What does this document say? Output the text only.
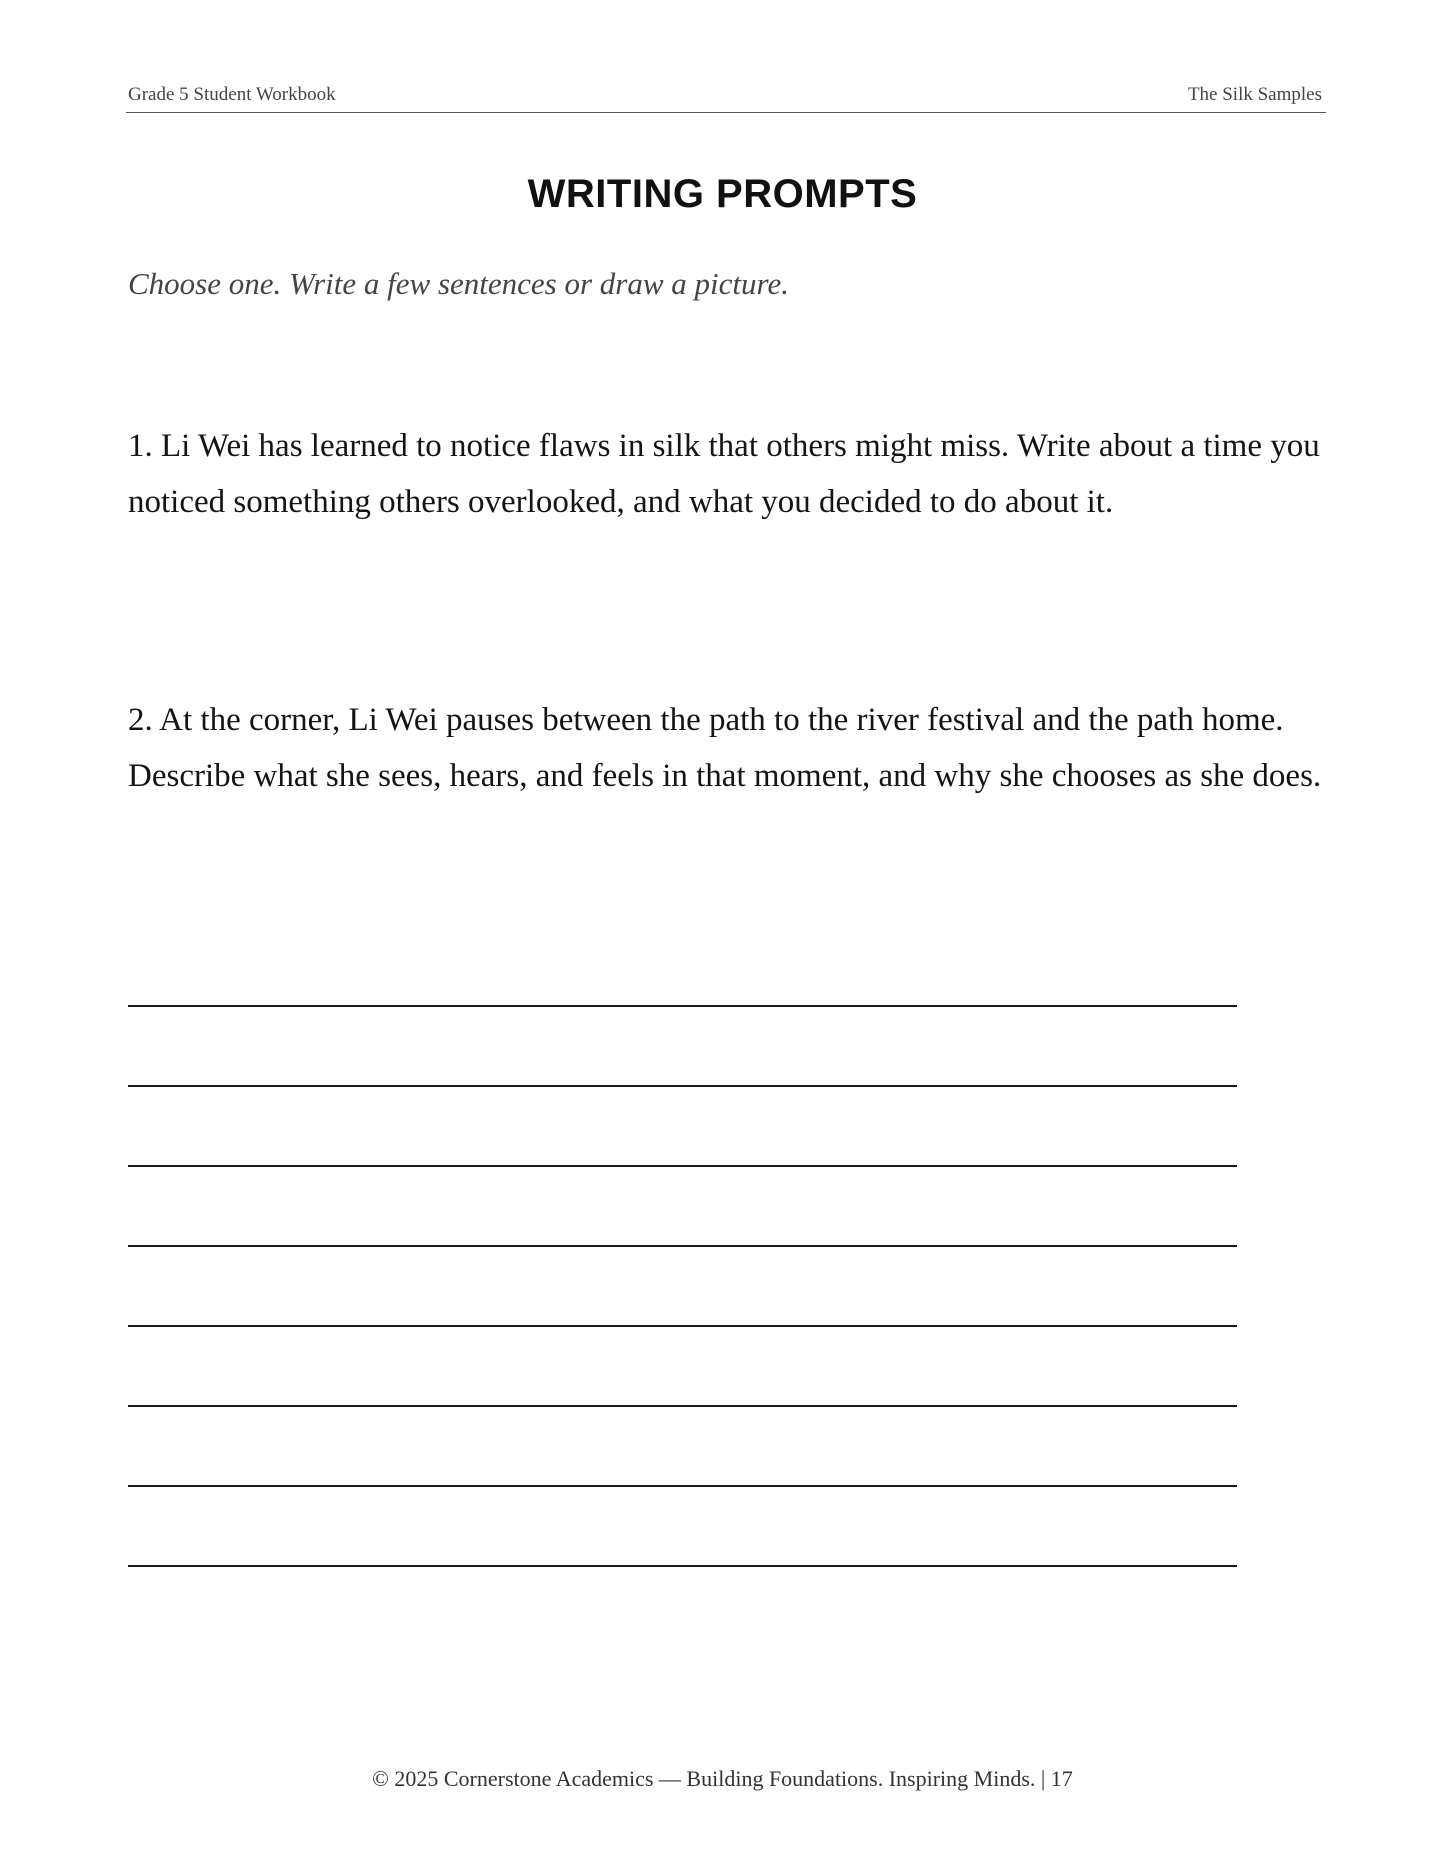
Grade 5 Student Workbook	The Silk Samples
WRITING PROMPTS
Choose one. Write a few sentences or draw a picture.
1. Li Wei has learned to notice flaws in silk that others might miss. Write about a time you noticed something others overlooked, and what you decided to do about it.
2. At the corner, Li Wei pauses between the path to the river festival and the path home. Describe what she sees, hears, and feels in that moment, and why she chooses as she does.
© 2025 Cornerstone Academics — Building Foundations. Inspiring Minds. | 17
